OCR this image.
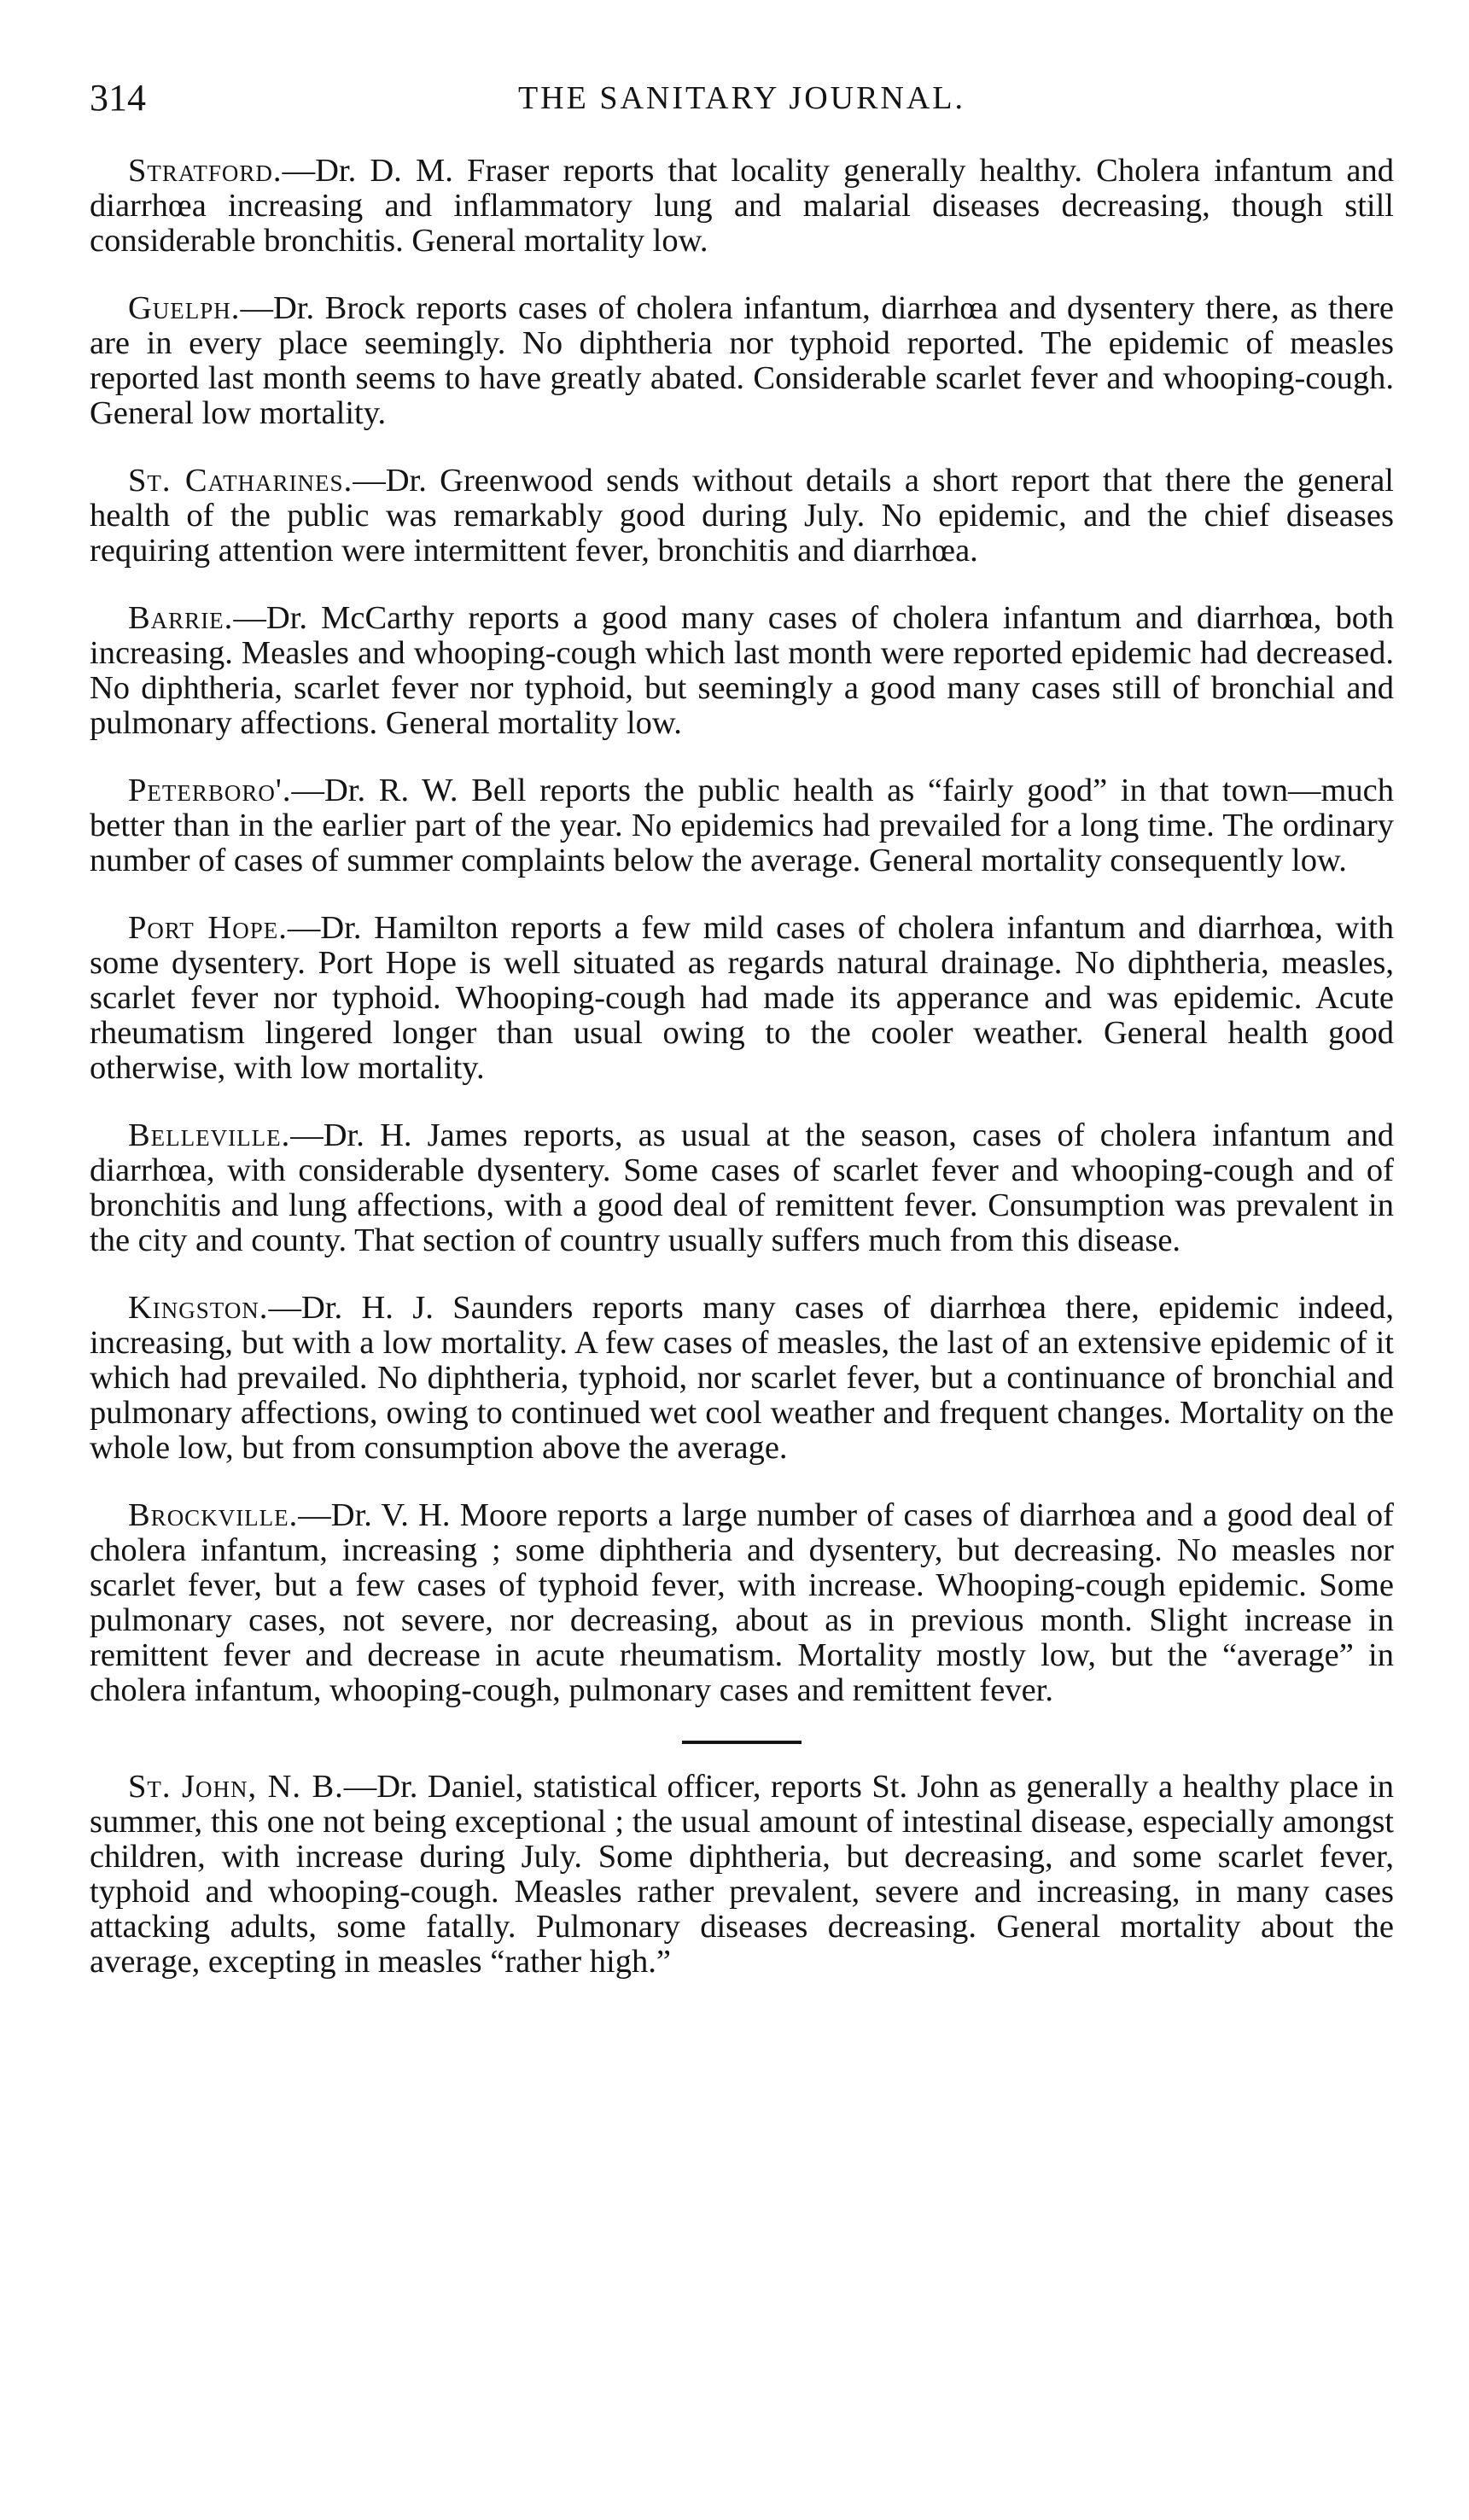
314	THE SANITARY JOURNAL.

Stratford.—Dr. D. M. Fraser reports that locality generally healthy. Cholera infantum and diarrhœa increasing and inflammatory lung and malarial diseases decreasing, though still considerable bronchitis. General mortality low.

Guelph.—Dr. Brock reports cases of cholera infantum, diarrhœa and dysentery there, as there are in every place seemingly. No diphtheria nor typhoid reported. The epidemic of measles reported last month seems to have greatly abated. Considerable scarlet fever and whooping-cough. General low mortality.

St. Catharines.—Dr. Greenwood sends without details a short report that there the general health of the public was remarkably good during July. No epidemic, and the chief diseases requiring attention were intermittent fever, bronchitis and diarrhœa.

Barrie.—Dr. McCarthy reports a good many cases of cholera infantum and diarrhœa, both increasing. Measles and whooping-cough which last month were reported epidemic had decreased. No diphtheria, scarlet fever nor typhoid, but seemingly a good many cases still of bronchial and pulmonary affections. General mortality low.

Peterboro'.—Dr. R. W. Bell reports the public health as “fairly good” in that town—much better than in the earlier part of the year. No epidemics had prevailed for a long time. The ordinary number of cases of summer complaints below the average. General mortality consequently low.

Port Hope.—Dr. Hamilton reports a few mild cases of cholera infantum and diarrhœa, with some dysentery. Port Hope is well situated as regards natural drainage. No diphtheria, measles, scarlet fever nor typhoid. Whooping-cough had made its apperance and was epidemic. Acute rheumatism lingered longer than usual owing to the cooler weather. General health good otherwise, with low mortality.

Belleville.—Dr. H. James reports, as usual at the season, cases of cholera infantum and diarrhœa, with considerable dysentery. Some cases of scarlet fever and whooping-cough and of bronchitis and lung affections, with a good deal of remittent fever. Consumption was prevalent in the city and county. That section of country usually suffers much from this disease.

Kingston.—Dr. H. J. Saunders reports many cases of diarrhœa there, epidemic indeed, increasing, but with a low mortality. A few cases of measles, the last of an extensive epidemic of it which had prevailed. No diphtheria, typhoid, nor scarlet fever, but a continuance of bronchial and pulmonary affections, owing to continued wet cool weather and frequent changes. Mortality on the whole low, but from consumption above the average.

Brockville.—Dr. V. H. Moore reports a large number of cases of diarrhœa and a good deal of cholera infantum, increasing ; some diphtheria and dysentery, but decreasing. No measles nor scarlet fever, but a few cases of typhoid fever, with increase. Whooping-cough epidemic. Some pulmonary cases, not severe, nor decreasing, about as in previous month. Slight increase in remittent fever and decrease in acute rheumatism. Mortality mostly low, but the “average” in cholera infantum, whooping-cough, pulmonary cases and remittent fever.

St. John, N. B.—Dr. Daniel, statistical officer, reports St. John as generally a healthy place in summer, this one not being exceptional ; the usual amount of intestinal disease, especially amongst children, with increase during July. Some diphtheria, but decreasing, and some scarlet fever, typhoid and whooping-cough. Measles rather prevalent, severe and increasing, in many cases attacking adults, some fatally. Pulmonary diseases decreasing. General mortality about the average, excepting in measles “rather high.”
